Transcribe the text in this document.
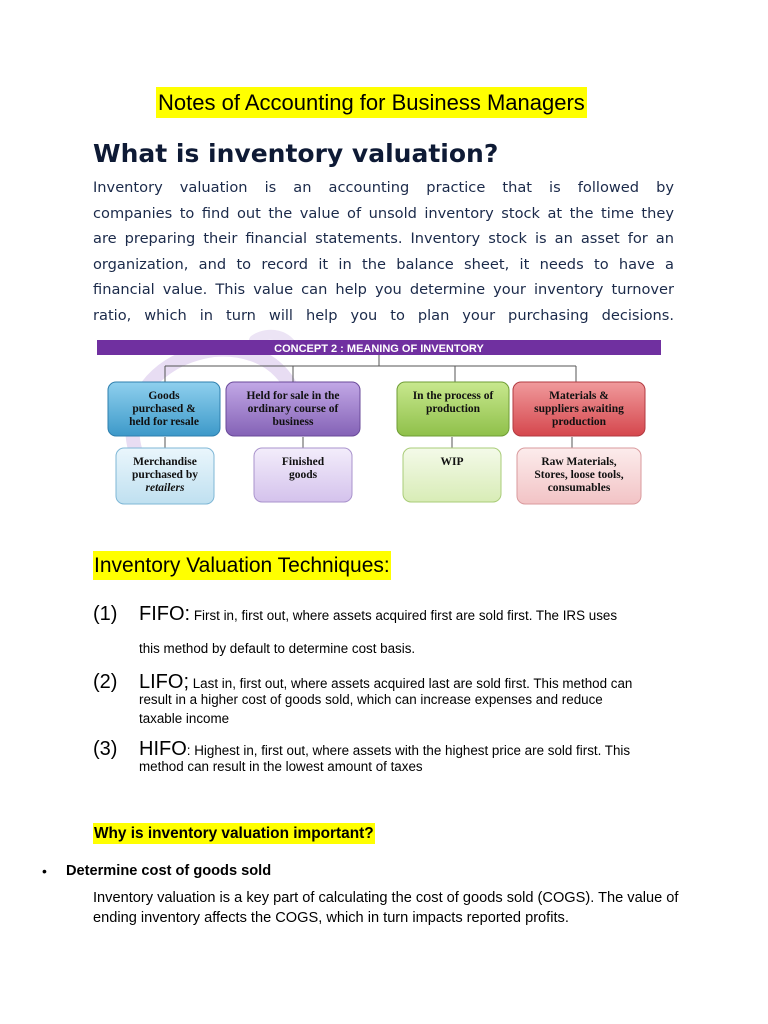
Notes of Accounting for Business Managers
What is inventory valuation?
Inventory valuation is an accounting practice that is followed by
companies to find out the value of unsold inventory stock at the time they
are preparing their financial statements. Inventory stock is an asset for an
organization, and to record it in the balance sheet, it needs to have a
financial value. This value can help you determine your inventory turnover
ratio, which in turn will help you to plan your purchasing decisions.
CONCEPT 2 : MEANING OF INVENTORY
Goods
purchased &
held for resale
Held for sale in the
ordinary course of
business
In the process of
production
Materials &
suppliers awaiting
production
Merchandise
purchased by
retailers
Finished
goods
WIP	Raw Materials,
Stores, loose tools,
consumables
Inventory Valuation Techniques:
(1) FIFO: First in, first out, where assets acquired first are sold first. The IRS uses
this method by default to determine cost basis.
(2) LIFO; Last in, first out, where assets acquired last are sold first. This method can
result in a higher cost of goods sold, which can increase expenses and reduce
taxable income
(3) HIFO: Highest in, first out, where assets with the highest price are sold first. This
method can result in the lowest amount of taxes
Why is inventory valuation important?
• Determine cost of goods sold
Inventory valuation is a key part of calculating the cost of goods sold (COGS). The value of ending inventory affects the COGS, which in turn impacts reported profits.
